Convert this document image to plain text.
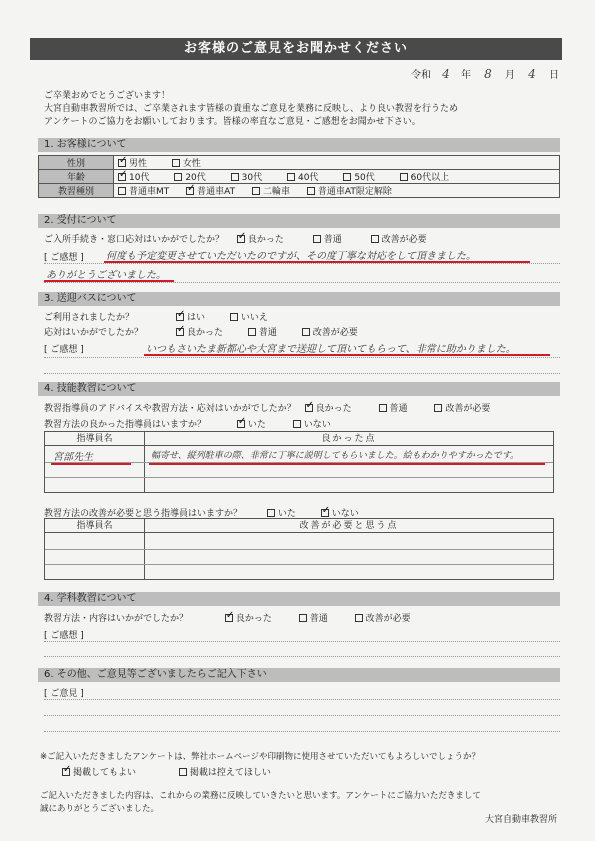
お客様のご意見をお聞かせください
令和 4 年 8 月 4 日
ご卒業おめでとうございます！
大宮自動車教習所では、ご卒業されます皆様の貴重なご意見を業務に反映し、より良い教習を行うため
アンケートのご協力をお願いしております。皆様の率直なご意見・ご感想をお聞かせ下さい。
1. お客様について
性別	✓男性 女性
年齢	✓10代 20代 30代 40代 50代 60代以上
教習種別	普通車MT ✓ 普通車AT 二輪車 普通車AT限定解除
2. 受付について
ご入所手続き・窓口応対はいかがでしたか？ ✓	良かった	普通	改善が必要
[ ご感想 ] 何度も予定変更させていただいたのですが、その度丁寧な対応をして頂きました。
ありがとうございました。
3. 送迎バスについて
ご利用されましたか？ ✓	はい	いいえ
応対はいかがでしたか？ ✓	良かった	普通	改善が必要
[ ご感想 ]	いつもさいたま新都心や大宮まで送迎して頂いてもらって、非常に助かりました。
4. 技能教習について
教習指導員のアドバイスや教習方法・応対はいかがでしたか？ ✓ 良かった	普通	改善が必要
教習方法の良かった指導員はいますか？ ✓	いた	いない
指導員名	良かった点
宮部先生	幅寄せ、縦列駐車の際、非常に丁寧に説明してもらいました。絵もわかりやすかったです。
教習方法の改善が必要と思う指導員はいますか？	いた ✓	いない
指導員名	改善が必要と思う点
4. 学科教習について
教習方法・内容はいかがでしたか？ ✓	良かった	普通	改善が必要
[ ご感想 ]
6. その他、ご意見等ございましたらご記入下さい
[ ご意見 ]
※ご記入いただきましたアンケートは、弊社ホームページや印刷物に使用させていただいてもよろしいでしょうか？
✓掲載してもよい	掲載は控えてほしい
ご記入いただきました内容は、これからの業務に反映していきたいと思います。アンケートにご協力いただきまして
誠にありがとうございました。
大宮自動車教習所
